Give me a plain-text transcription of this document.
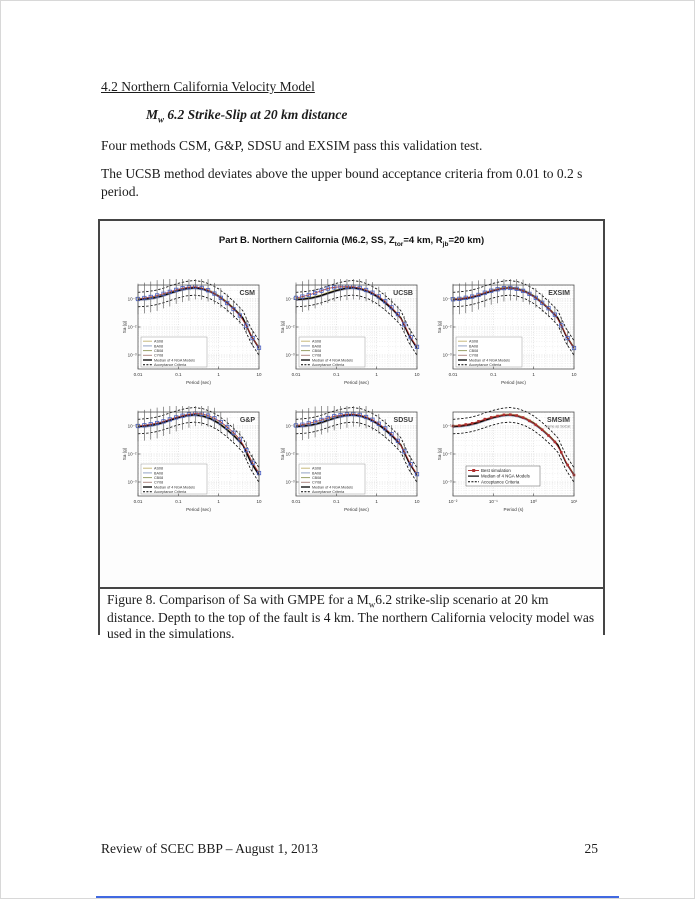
4.2 Northern California Velocity Model
$M_w$ 6.2 Strike-Slip at 20 km distance
Four methods CSM, G&P, SDSU and EXSIM pass this validation test.
The UCSB method deviates above the upper bound acceptance criteria from 0.01 to 0.2 s period.
Part B. Northern California (M6.2, SS, $Z_{tor}=4$ km, $R_{jb}=20$ km)
AS08
BA08
CB08
CY08
Median of 4 NGA Models
Acceptance Criteria
CSM
10⁻¹
10⁻²
10⁻³
0.01	0.1	1	10
Period (sec)
Sa (g)
AS08
BA08
CB08
CY08
Median of 4 NGA Models
Acceptance Criteria
UCSB
10⁻¹
10⁻²
10⁻³
0.01	0.1	1	10
Period (sec)
Sa (g)
AS08
BA08
CB08
CY08
Median of 4 NGA Models
Acceptance Criteria
EXSIM
10⁻¹
10⁻²
10⁻³
0.01	0.1	1	10
Period (sec)
Sa (g)
AS08
BA08
CB08
CY08
Median of 4 NGA Models
Acceptance Criteria
G&P
10⁻¹
10⁻²
10⁻³
0.01	0.1	1	10
Period (sec)
Sa (g)
AS08
BA08
CB08
CY08
Median of 4 NGA Models
Acceptance Criteria
SDSU
10⁻¹
10⁻²
10⁻³
0.01	0.1	1	10
Period (sec)
Sa (g)
Best simulation
Median of 4 NGA Models
Acceptance Criteria
SMSIM
same as SoCal
10⁻¹
10⁻²
10⁻³
10⁻²	10⁻¹	10⁰	10¹
Period (s)
Sa (g)
Figure 8. Comparison of Sa with GMPE for a $M_w6.2$ strike-slip scenario at 20 km distance. Depth to the top of the fault is 4 km. The northern California velocity model was used in the simulations.
Review of SCEC BBP – August 1, 2013	25
